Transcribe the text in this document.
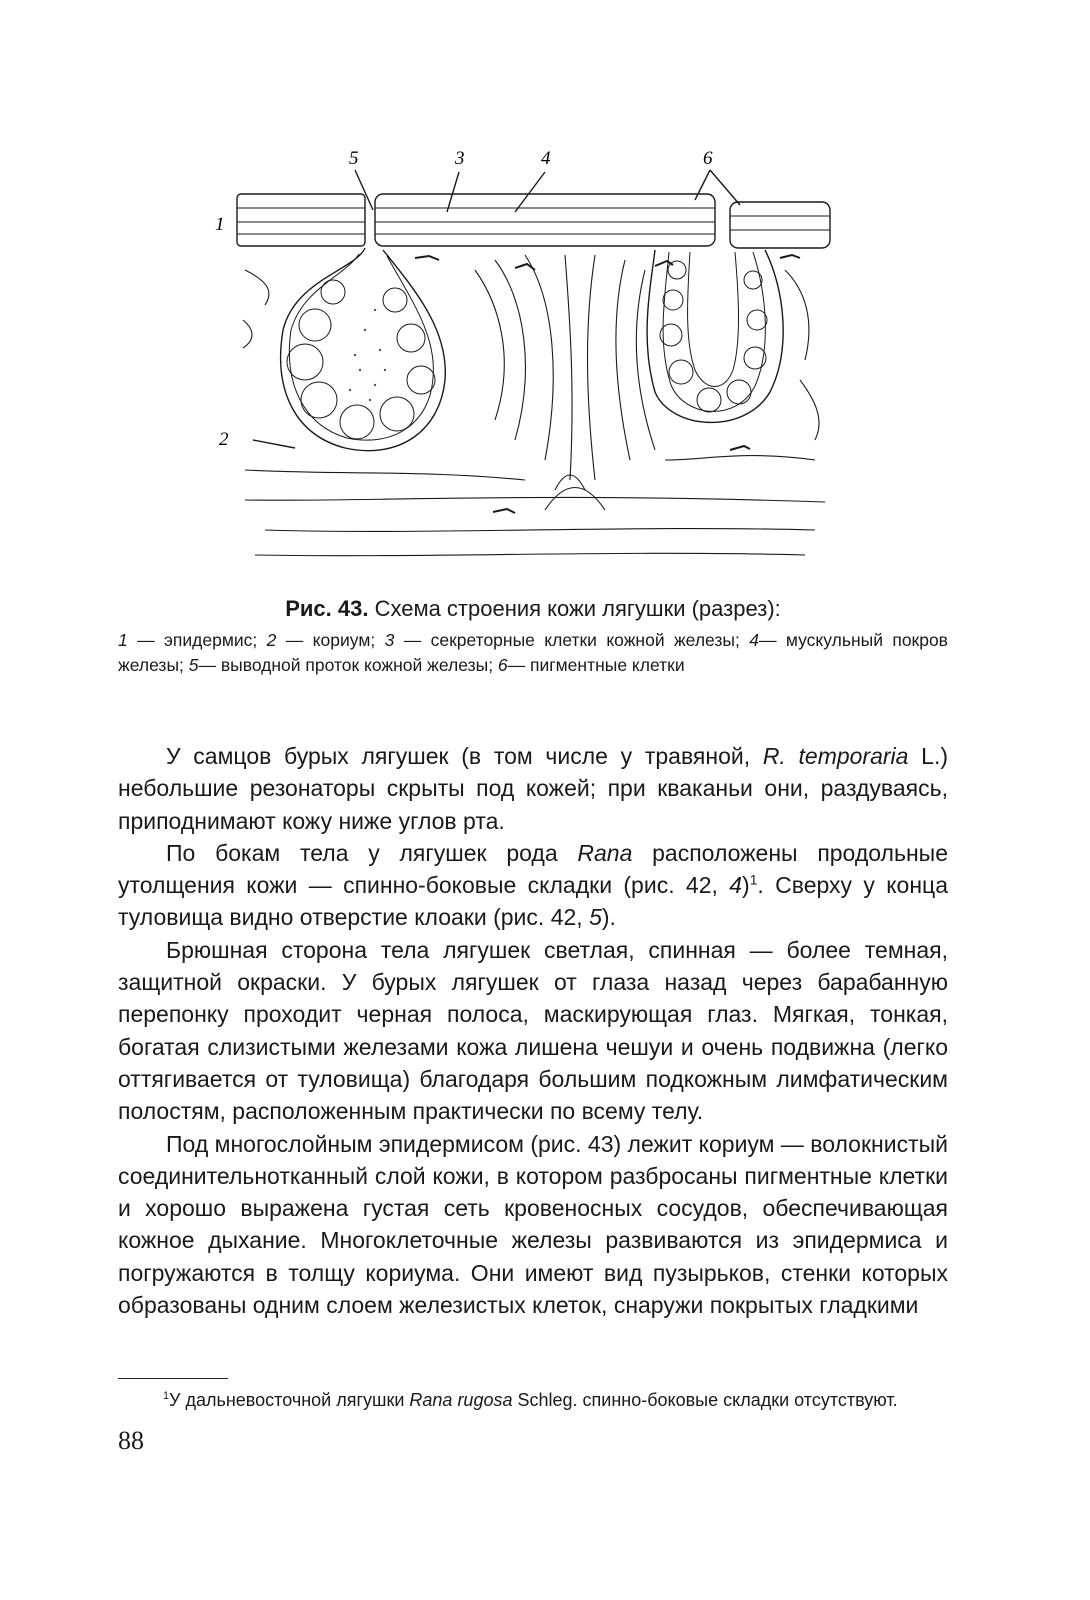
5	3	4	6
1
2
Рис. 43. Схема строения кожи лягушки (разрез):
1 — эпидермис; 2 — кориум; 3 — секреторные клетки кожной железы; 4— мускульный покров железы; 5— выводной проток кожной железы; 6— пигментные клетки

У самцов бурых лягушек (в том числе у травяной, R. temporaria L.) небольшие резонаторы скрыты под кожей; при кваканьи они, раздуваясь, приподнимают кожу ниже углов рта.

По бокам тела у лягушек рода Rana расположены продольные утолщения кожи — спинно-боковые складки (рис. 42, 4)$^1$. Сверху у конца туловища видно отверстие клоаки (рис. 42, 5).

Брюшная сторона тела лягушек светлая, спинная — более темная, защитной окраски. У бурых лягушек от глаза назад через барабанную перепонку проходит черная полоса, маскирующая глаз. Мягкая, тонкая, богатая слизистыми железами кожа лишена чешуи и очень подвижна (легко оттягивается от туловища) благодаря большим подкожным лимфатическим полостям, расположенным практически по всему телу.

Под многослойным эпидермисом (рис. 43) лежит кориум — волокнистый соединительнотканный слой кожи, в котором разбросаны пигментные клетки и хорошо выражена густая сеть кровеносных сосудов, обеспечивающая кожное дыхание. Многоклеточные железы развиваются из эпидермиса и погружаются в толщу кориума. Они имеют вид пузырьков, стенки которых образованы одним слоем железистых клеток, снаружи покрытых гладкими

$^1$У дальневосточной лягушки Rana rugosa Schleg. спинно-боковые складки отсутствуют.
88
